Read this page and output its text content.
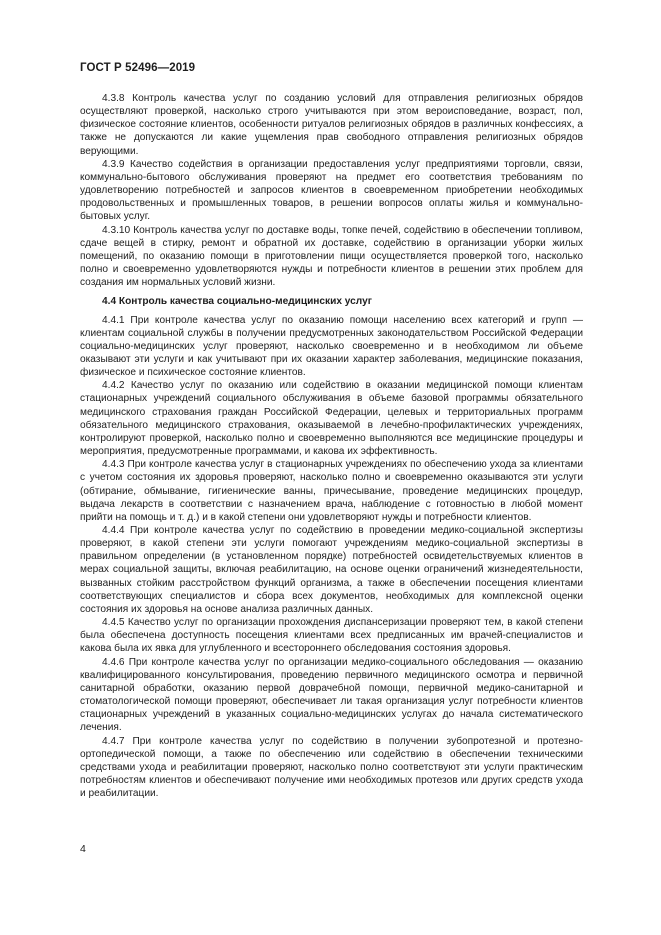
ГОСТ Р 52496—2019

4.3.8 Контроль качества услуг по созданию условий для отправления религиозных обрядов осуществляют проверкой, насколько строго учитываются при этом вероисповедание, возраст, пол, физическое состояние клиентов, особенности ритуалов религиозных обрядов в различных конфессиях, а также не допускаются ли какие ущемления прав свободного отправления религиозных обрядов верующими.

4.3.9 Качество содействия в организации предоставления услуг предприятиями торговли, связи, коммунально-бытового обслуживания проверяют на предмет его соответствия требованиям по удовлетворению потребностей и запросов клиентов в своевременном приобретении необходимых продовольственных и промышленных товаров, в решении вопросов оплаты жилья и коммунально-бытовых услуг.

4.3.10 Контроль качества услуг по доставке воды, топке печей, содействию в обеспечении топливом, сдаче вещей в стирку, ремонт и обратной их доставке, содействию в организации уборки жилых помещений, по оказанию помощи в приготовлении пищи осуществляется проверкой того, насколько полно и своевременно удовлетворяются нужды и потребности клиентов в решении этих проблем для создания им нормальных условий жизни.

4.4 Контроль качества социально-медицинских услуг

4.4.1 При контроле качества услуг по оказанию помощи населению всех категорий и групп — клиентам социальной службы в получении предусмотренных законодательством Российской Федерации социально-медицинских услуг проверяют, насколько своевременно и в необходимом ли объеме оказывают эти услуги и как учитывают при их оказании характер заболевания, медицинские показания, физическое и психическое состояние клиентов.

4.4.2 Качество услуг по оказанию или содействию в оказании медицинской помощи клиентам стационарных учреждений социального обслуживания в объеме базовой программы обязательного медицинского страхования граждан Российской Федерации, целевых и территориальных программ обязательного медицинского страхования, оказываемой в лечебно-профилактических учреждениях, контролируют проверкой, насколько полно и своевременно выполняются все медицинские процедуры и мероприятия, предусмотренные программами, и какова их эффективность.

4.4.3 При контроле качества услуг в стационарных учреждениях по обеспечению ухода за клиентами с учетом состояния их здоровья проверяют, насколько полно и своевременно оказываются эти услуги (обтирание, обмывание, гигиенические ванны, причесывание, проведение медицинских процедур, выдача лекарств в соответствии с назначением врача, наблюдение с готовностью в любой момент прийти на помощь и т. д.) и в какой степени они удовлетворяют нужды и потребности клиентов.

4.4.4 При контроле качества услуг по содействию в проведении медико-социальной экспертизы проверяют, в какой степени эти услуги помогают учреждениям медико-социальной экспертизы в правильном определении (в установленном порядке) потребностей освидетельствуемых клиентов в мерах социальной защиты, включая реабилитацию, на основе оценки ограничений жизнедеятельности, вызванных стойким расстройством функций организма, а также в обеспечении посещения клиентами соответствующих специалистов и сбора всех документов, необходимых для комплексной оценки состояния их здоровья на основе анализа различных данных.

4.4.5 Качество услуг по организации прохождения диспансеризации проверяют тем, в какой степени была обеспечена доступность посещения клиентами всех предписанных им врачей-специалистов и какова была их явка для углубленного и всестороннего обследования состояния здоровья.

4.4.6 При контроле качества услуг по организации медико-социального обследования — оказанию квалифицированного консультирования, проведению первичного медицинского осмотра и первичной санитарной обработки, оказанию первой доврачебной помощи, первичной медико-санитарной и стоматологической помощи проверяют, обеспечивает ли такая организация услуг потребности клиентов стационарных учреждений в указанных социально-медицинских услугах до начала систематического лечения.

4.4.7 При контроле качества услуг по содействию в получении зубопротезной и протезно-ортопедической помощи, а также по обеспечению или содействию в обеспечении техническими средствами ухода и реабилитации проверяют, насколько полно соответствуют эти услуги практическим потребностям клиентов и обеспечивают получение ими необходимых протезов или других средств ухода и реабилитации.

4
